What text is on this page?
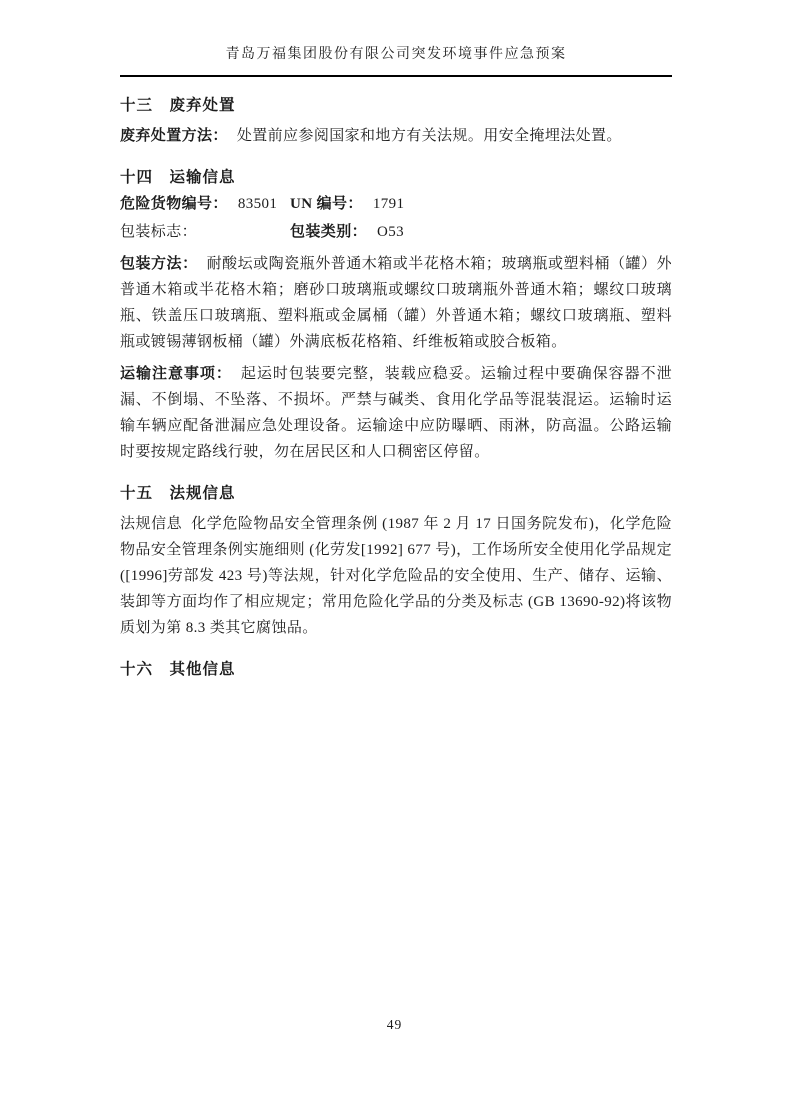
青岛万福集团股份有限公司突发环境事件应急预案
十三　废弃处置

废弃处置方法： 处置前应参阅国家和地方有关法规。用安全掩埋法处置。

十四　运输信息
危险货物编号： 83501 UN 编号： 1791
包装标志：	包装类别： O53

包装方法： 耐酸坛或陶瓷瓶外普通木箱或半花格木箱；玻璃瓶或塑料桶（罐）外普通木箱或半花格木箱；磨砂口玻璃瓶或螺纹口玻璃瓶外普通木箱；螺纹口玻璃瓶、铁盖压口玻璃瓶、塑料瓶或金属桶（罐）外普通木箱；螺纹口玻璃瓶、塑料瓶或镀锡薄钢板桶（罐）外满底板花格箱、纤维板箱或胶合板箱。

运输注意事项： 起运时包装要完整，装载应稳妥。运输过程中要确保容器不泄漏、不倒塌、不坠落、不损坏。严禁与碱类、食用化学品等混装混运。运输时运输车辆应配备泄漏应急处理设备。运输途中应防曝晒、雨淋，防高温。公路运输时要按规定路线行驶，勿在居民区和人口稠密区停留。

十五　法规信息

法规信息 化学危险物品安全管理条例 (1987 年 2 月 17 日国务院发布)，化学危险物品安全管理条例实施细则 (化劳发[1992] 677 号)，工作场所安全使用化学品规定 ([1996]劳部发 423 号)等法规，针对化学危险品的安全使用、生产、储存、运输、装卸等方面均作了相应规定；常用危险化学品的分类及标志 (GB 13690-92)将该物质划为第 8.3 类其它腐蚀品。

十六　其他信息
49
